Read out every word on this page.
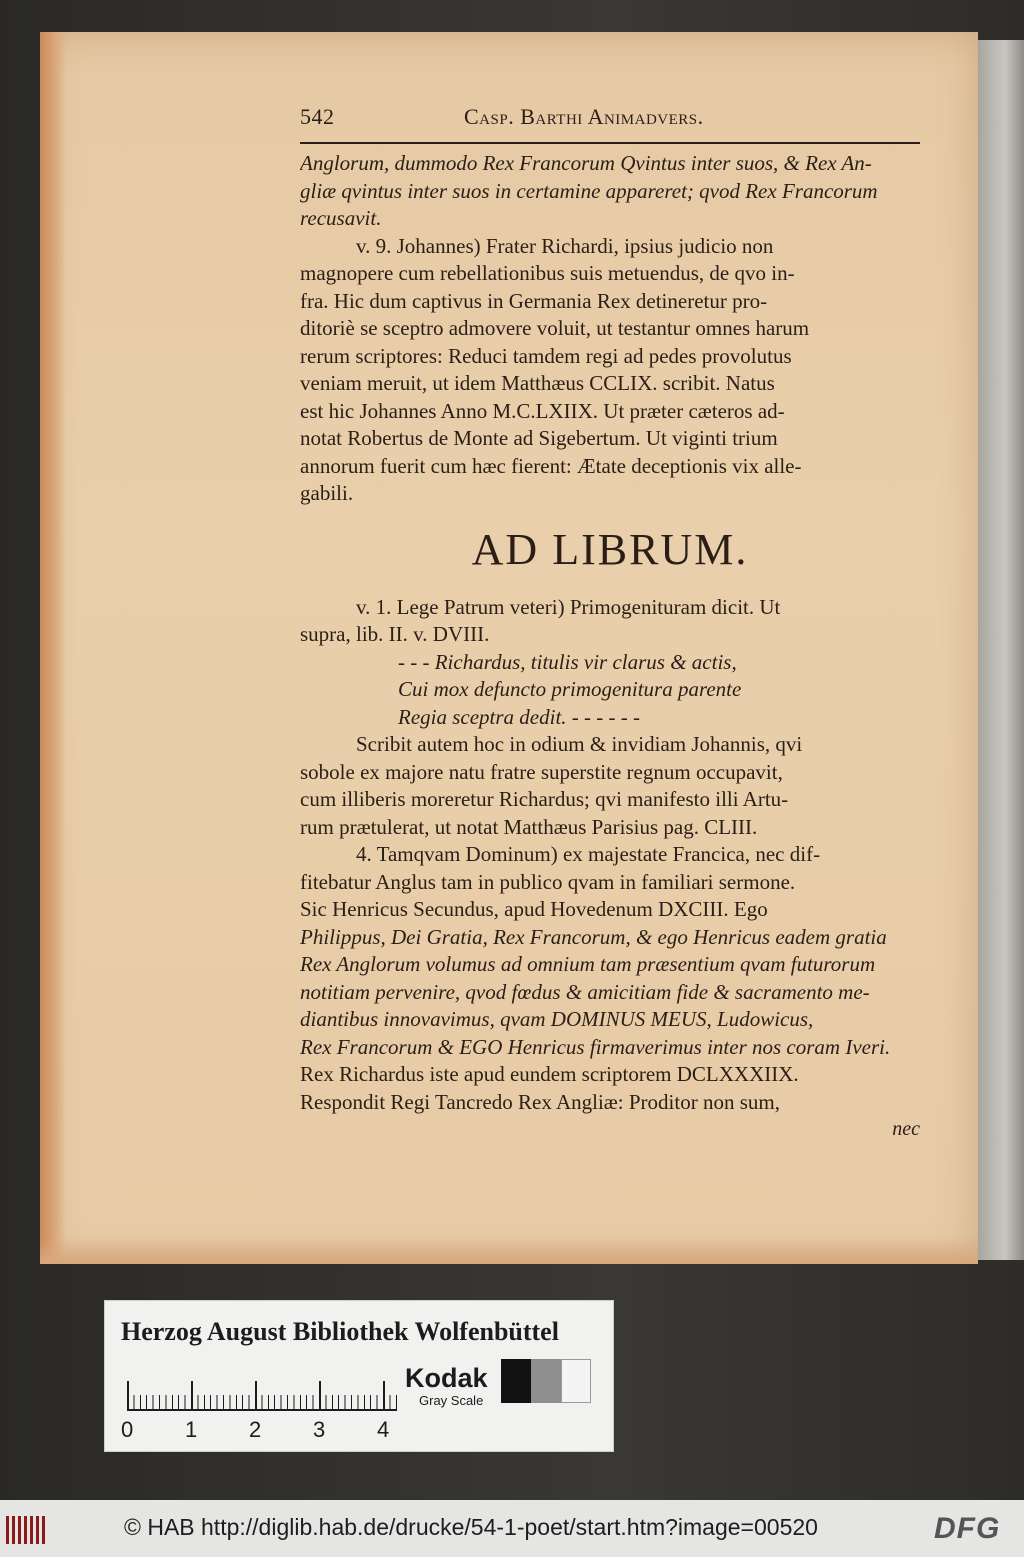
542	Casp. Barthi Animadvers.
Anglorum, dummodo Rex Francorum Qvintus inter suos, & Rex An-
gliæ qvintus inter suos in certamine appareret; qvod Rex Francorum
recusavit.
v. 9. Johannes) Frater Richardi, ipsius judicio non
magnopere cum rebellationibus suis metuendus, de qvo in-
fra. Hic dum captivus in Germania Rex detineretur pro-
ditoriè se sceptro admovere voluit, ut testantur omnes harum
rerum scriptores: Reduci tamdem regi ad pedes provolutus
veniam meruit, ut idem Matthæus CCLIX. scribit. Natus
est hic Johannes Anno M.C.LXIIX. Ut præter cæteros ad-
notat Robertus de Monte ad Sigebertum. Ut viginti trium
annorum fuerit cum hæc fierent: Ætate deceptionis vix alle-
gabili.
AD LIBRUM.
v. 1. Lege Patrum veteri) Primogenituram dicit. Ut
supra, lib. II. v. DVIII.
- - - Richardus, titulis vir clarus & actis,
Cui mox defuncto primogenitura parente
Regia sceptra dedit. - - - - - -
Scribit autem hoc in odium & invidiam Johannis, qvi
sobole ex majore natu fratre superstite regnum occupavit,
cum illiberis moreretur Richardus; qvi manifesto illi Artu-
rum prætulerat, ut notat Matthæus Parisius pag. CLIII.
4. Tamqvam Dominum) ex majestate Francica, nec dif-
fitebatur Anglus tam in publico qvam in familiari sermone.
Sic Henricus Secundus, apud Hovedenum DXCIII. Ego
Philippus, Dei Gratia, Rex Francorum, & ego Henricus eadem gratia
Rex Anglorum volumus ad omnium tam præsentium qvam futurorum
notitiam pervenire, qvod fœdus & amicitiam fide & sacramento me-
diantibus innovavimus, qvam DOMINUS MEUS, Ludowicus,
Rex Francorum & EGO Henricus firmaverimus inter nos coram Iveri.
Rex Richardus iste apud eundem scriptorem DCLXXXIIX.
Respondit Regi Tancredo Rex Angliæ: Proditor non sum,
nec
Herzog August Bibliothek Wolfenbüttel
0 1 2 3 4
Kodak
Gray Scale
© HAB http://diglib.hab.de/drucke/54-1-poet/start.htm?image=00520	DFG
